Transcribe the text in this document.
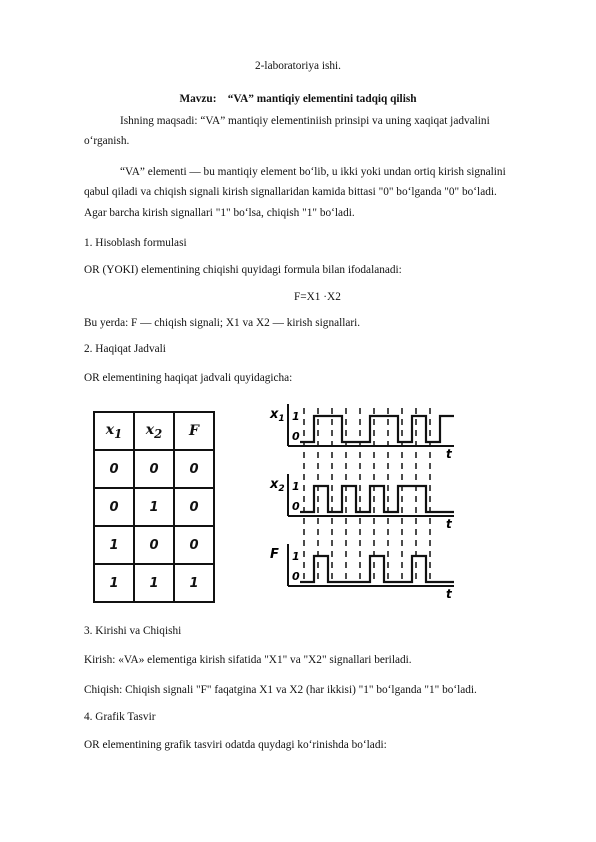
2-laboratoriya ishi.
Mavzu: “VA” mantiqiy elementini tadqiq qilish
Ishning maqsadi: “VA” mantiqiy elementiniish prinsipi va uning xaqiqat jadvalini
o‘rganish.
“VA” elementi — bu mantiqiy element bo‘lib, u ikki yoki undan ortiq kirish signalini
qabul qiladi va chiqish signali kirish signallaridan kamida bittasi "0" bo‘lganda "0" bo‘ladi.
Agar barcha kirish signallari "1" bo‘lsa, chiqish "1" bo‘ladi.
1. Hisoblash formulasi
OR (YOKI) elementining chiqishi quyidagi formula bilan ifodalanadi:
F=X1 ·X2
Bu yerda: F — chiqish signali; X1 va X2 — kirish signallari.
2. Haqiqat Jadvali
OR elementining haqiqat jadvali quyidagicha:
$x_1$	$x_2$	F
0	0	0
0	1	0
1	0	0
1	1	1
$x_1$ 1
0
t
$x_2$ 1
0
t
F 1
0
t
3. Kirishi va Chiqishi
Kirish: «VA» elementiga kirish sifatida "X1" va "X2" signallari beriladi.
Chiqish: Chiqish signali "F" faqatgina X1 va X2 (har ikkisi) "1" bo‘lganda "1" bo‘ladi.
4. Grafik Tasvir
OR elementining grafik tasviri odatda quydagi ko‘rinishda bo‘ladi:
